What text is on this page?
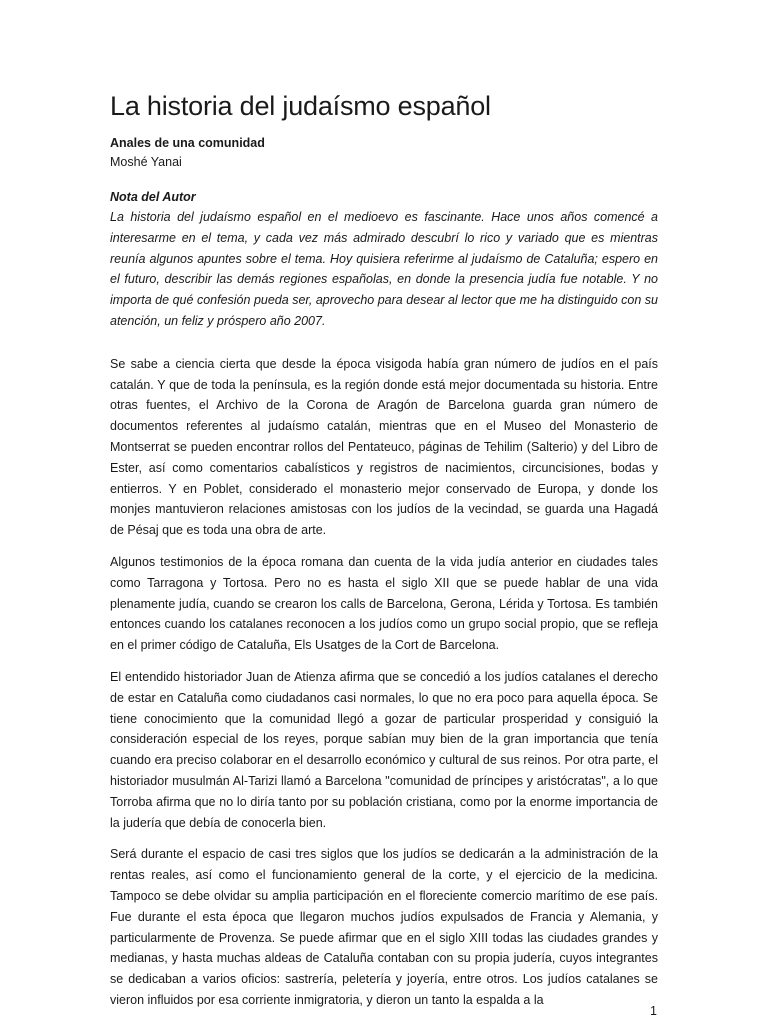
La historia del judaísmo español

Anales de una comunidad

Moshé Yanai

Nota del Autor

La historia del judaísmo español en el medioevo es fascinante. Hace unos años comencé a interesarme en el tema, y cada vez más admirado descubrí lo rico y variado que es mientras reunía algunos apuntes sobre el tema. Hoy quisiera referirme al judaísmo de Cataluña; espero en el futuro, describir las demás regiones españolas, en donde la presencia judía fue notable. Y no importa de qué confesión pueda ser, aprovecho para desear al lector que me ha distinguido con su atención, un feliz y próspero año 2007.

Se sabe a ciencia cierta que desde la época visigoda había gran número de judíos en el país catalán. Y que de toda la península, es la región donde está mejor documentada su historia. Entre otras fuentes, el Archivo de la Corona de Aragón de Barcelona guarda gran número de documentos referentes al judaísmo catalán, mientras que en el Museo del Monasterio de Montserrat se pueden encontrar rollos del Pentateuco, páginas de Tehilim (Salterio) y del Libro de Ester, así como comentarios cabalísticos y registros de nacimientos, circuncisiones, bodas y entierros. Y en Poblet, considerado el monasterio mejor conservado de Europa, y donde los monjes mantuvieron relaciones amistosas con los judíos de la vecindad, se guarda una Hagadá de Pésaj que es toda una obra de arte.

Algunos testimonios de la época romana dan cuenta de la vida judía anterior en ciudades tales como Tarragona y Tortosa. Pero no es hasta el siglo XII que se puede hablar de una vida plenamente judía, cuando se crearon los calls de Barcelona, Gerona, Lérida y Tortosa. Es también entonces cuando los catalanes reconocen a los judíos como un grupo social propio, que se refleja en el primer código de Cataluña, Els Usatges de la Cort de Barcelona.

El entendido historiador Juan de Atienza afirma que se concedió a los judíos catalanes el derecho de estar en Cataluña como ciudadanos casi normales, lo que no era poco para aquella época. Se tiene conocimiento que la comunidad llegó a gozar de particular prosperidad y consiguió la consideración especial de los reyes, porque sabían muy bien de la gran importancia que tenía cuando era preciso colaborar en el desarrollo económico y cultural de sus reinos. Por otra parte, el historiador musulmán Al-Tarizi llamó a Barcelona "comunidad de príncipes y aristócratas", a lo que Torroba afirma que no lo diría tanto por su población cristiana, como por la enorme importancia de la judería que debía de conocerla bien.

Será durante el espacio de casi tres siglos que los judíos se dedicarán a la administración de la rentas reales, así como el funcionamiento general de la corte, y el ejercicio de la medicina. Tampoco se debe olvidar su amplia participación en el floreciente comercio marítimo de ese país. Fue durante el esta época que llegaron muchos judíos expulsados de Francia y Alemania, y particularmente de Provenza. Se puede afirmar que en el siglo XIII todas las ciudades grandes y medianas, y hasta muchas aldeas de Cataluña contaban con su propia judería, cuyos integrantes se dedicaban a varios oficios: sastrería, peletería y joyería, entre otros. Los judíos catalanes se vieron influidos por esa corriente inmigratoria, y dieron un tanto la espalda a la

1
